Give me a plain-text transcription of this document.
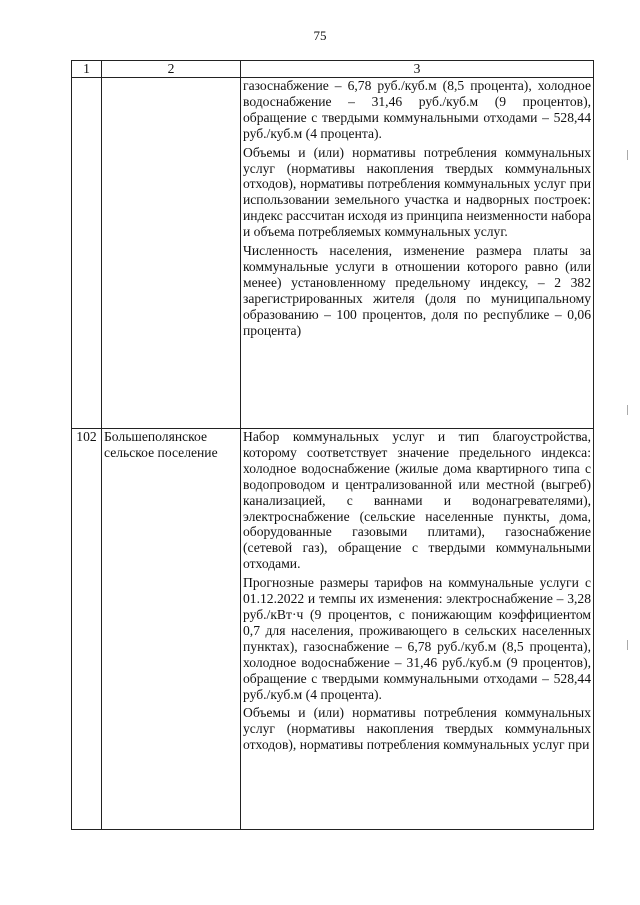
75
1	2	3

		газоснабжение – 6,78 руб./куб.м (8,5 процента), холодное водоснабжение – 31,46 руб./куб.м (9 процентов), обращение с твердыми коммунальными отходами – 528,44 руб./куб.м (4 процента).

Объемы и (или) нормативы потребления коммунальных услуг (нормативы накопления твердых коммунальных отходов), нормативы потребления коммунальных услуг при использовании земельного участка и надворных построек: индекс рассчитан исходя из принципа неизменности набора и объема потребляемых коммунальных услуг.

Численность населения, изменение размера платы за коммунальные услуги в отношении которого равно (или менее) установленному предельному индексу, – 2 382 зарегистрированных жителя (доля по муниципальному образованию – 100 процентов, доля по республике – 0,06 процента)

102	Большеполянское сельское поселение	Набор коммунальных услуг и тип благоустройства, которому соответствует значение предельного индекса: холодное водоснабжение (жилые дома квартирного типа с водопроводом и централизованной или местной (выгреб) канализацией, с ваннами и водонагревателями), электроснабжение (сельские населенные пункты, дома, оборудованные газовыми плитами), газоснабжение (сетевой газ), обращение с твердыми коммунальными отходами.

Прогнозные размеры тарифов на коммунальные услуги с 01.12.2022 и темпы их изменения: электроснабжение – 3,28 руб./кВт·ч (9 процентов, с понижающим коэффициентом 0,7 для населения, проживающего в сельских населенных пунктах), газоснабжение – 6,78 руб./куб.м (8,5 процента), холодное водоснабжение – 31,46 руб./куб.м (9 процентов), обращение с твердыми коммунальными отходами – 528,44 руб./куб.м (4 процента).

Объемы и (или) нормативы потребления коммунальных услуг (нормативы накопления твердых коммунальных отходов), нормативы потребления коммунальных услуг при
